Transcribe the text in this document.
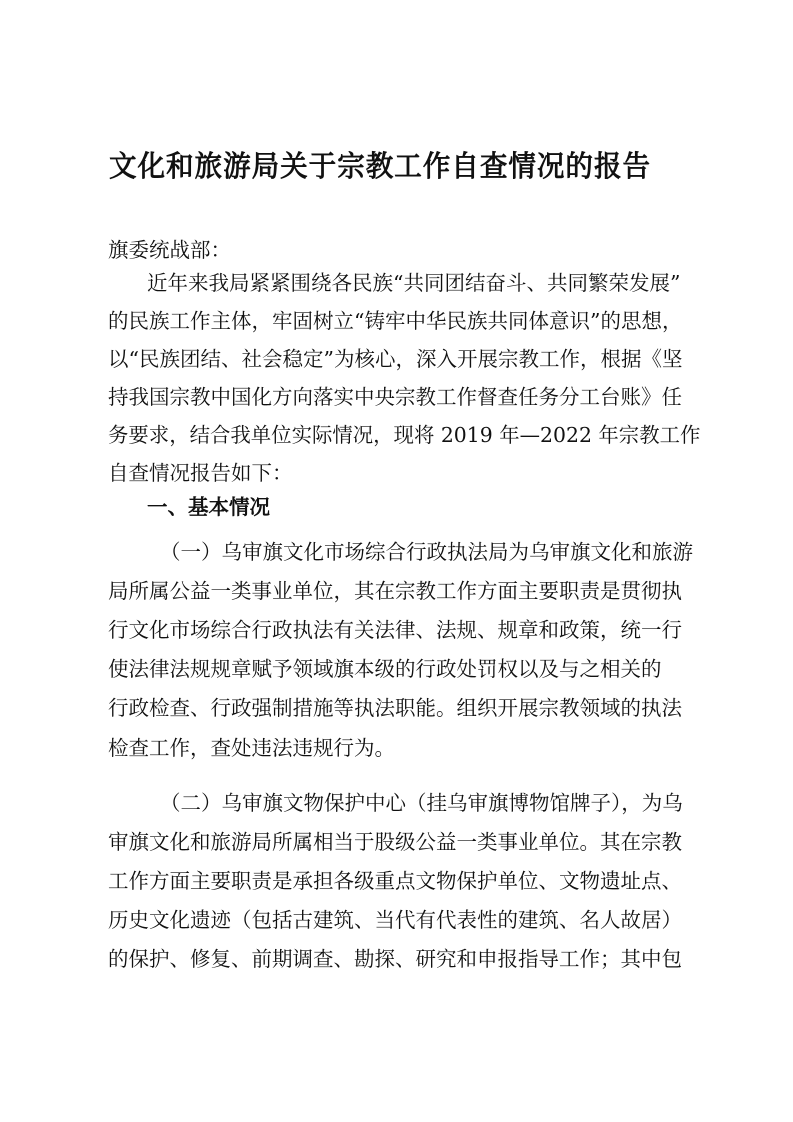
文化和旅游局关于宗教工作自查情况的报告
旗委统战部：
近年来我局紧紧围绕各民族“共同团结奋斗、共同繁荣发展”
的民族工作主体，牢固树立“铸牢中华民族共同体意识”的思想，
以“民族团结、社会稳定”为核心，深入开展宗教工作，根据《坚
持我国宗教中国化方向落实中央宗教工作督查任务分工台账》任
务要求，结合我单位实际情况，现将 2019 年—2022 年宗教工作
自查情况报告如下：
一、基本情况
（一）乌审旗文化市场综合行政执法局为乌审旗文化和旅游
局所属公益一类事业单位，其在宗教工作方面主要职责是贯彻执
行文化市场综合行政执法有关法律、法规、规章和政策，统一行
使法律法规规章赋予领域旗本级的行政处罚权以及与之相关的
行政检查、行政强制措施等执法职能。组织开展宗教领域的执法
检查工作，查处违法违规行为。
（二）乌审旗文物保护中心（挂乌审旗博物馆牌子），为乌
审旗文化和旅游局所属相当于股级公益一类事业单位。其在宗教
工作方面主要职责是承担各级重点文物保护单位、文物遗址点、
历史文化遗迹（包括古建筑、当代有代表性的建筑、名人故居）
的保护、修复、前期调查、勘探、研究和申报指导工作；其中包
